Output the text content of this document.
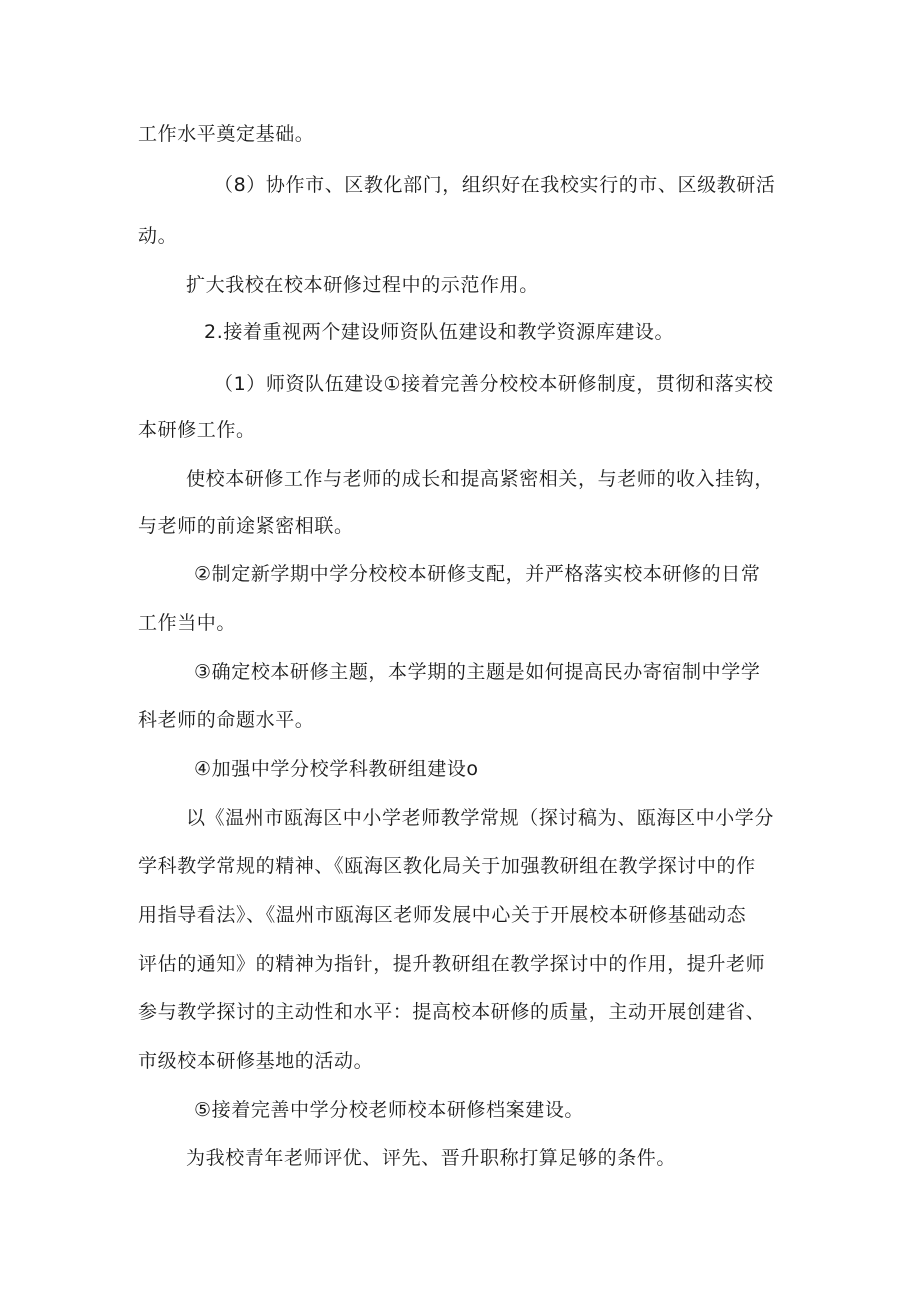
工作水平奠定基础。
（8）协作市、区教化部门，组织好在我校实行的市、区级教研活
动。
扩大我校在校本研修过程中的示范作用。
2.接着重视两个建设师资队伍建设和教学资源库建设。
（1）师资队伍建设①接着完善分校校本研修制度，贯彻和落实校
本研修工作。
使校本研修工作与老师的成长和提高紧密相关，与老师的收入挂钩，
与老师的前途紧密相联。
②制定新学期中学分校校本研修支配，并严格落实校本研修的日常
工作当中。
③确定校本研修主题，本学期的主题是如何提高民办寄宿制中学学
科老师的命题水平。
④加强中学分校学科教研组建设o
以《温州市瓯海区中小学老师教学常规（探讨稿为、瓯海区中小学分
学科教学常规的精神、《瓯海区教化局关于加强教研组在教学探讨中的作
用指导看法》、《温州市瓯海区老师发展中心关于开展校本研修基础动态
评估的通知》的精神为指针，提升教研组在教学探讨中的作用，提升老师
参与教学探讨的主动性和水平：提高校本研修的质量，主动开展创建省、
市级校本研修基地的活动。
⑤接着完善中学分校老师校本研修档案建设。
为我校青年老师评优、评先、晋升职称打算足够的条件。
